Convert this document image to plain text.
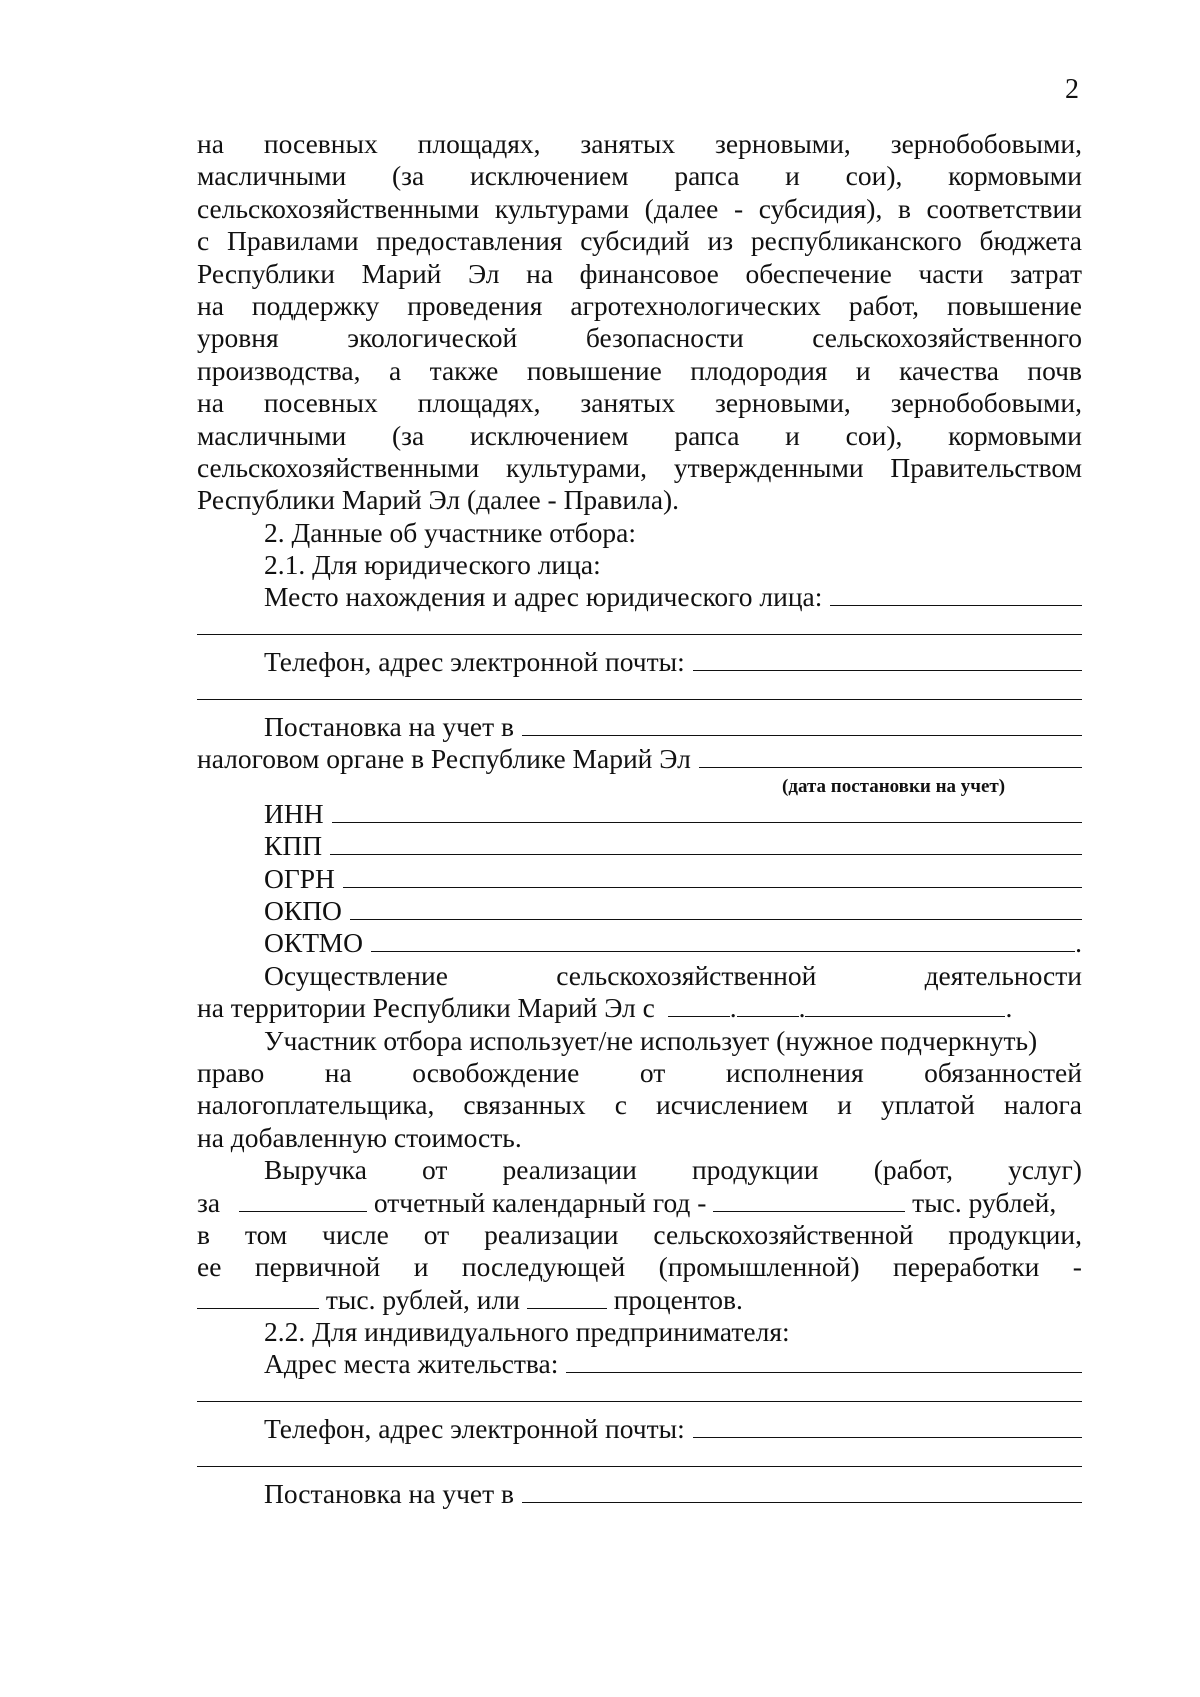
2
на посевных площадях, занятых зерновыми, зернобобовыми,
масличными (за исключением рапса и сои), кормовыми
сельскохозяйственными культурами (далее - субсидия), в соответствии
с Правилами предоставления субсидий из республиканского бюджета
Республики Марий Эл на финансовое обеспечение части затрат
на поддержку проведения агротехнологических работ, повышение
уровня экологической безопасности сельскохозяйственного
производства, а также повышение плодородия и качества почв
на посевных площадях, занятых зерновыми, зернобобовыми,
масличными (за исключением рапса и сои), кормовыми
сельскохозяйственными культурами, утвержденными Правительством
Республики Марий Эл (далее - Правила).
2. Данные об участнике отбора:
2.1. Для юридического лица:
Место нахождения и адрес юридического лица:
Телефон, адрес электронной почты:
Постановка на учет в
налоговом органе в Республике Марий Эл
(дата постановки на учет)
ИНН
КПП
ОГРН
ОКПО
ОКТМО	.
Осуществление	сельскохозяйственной	деятельности
на территории Республики Марий Эл с	. .	.
Участник отбора использует/не использует (нужное подчеркнуть)
право на освобождение от исполнения обязанностей
налогоплательщика, связанных с исчислением и уплатой налога
на добавленную стоимость.
Выручка от реализации продукции (работ, услуг)
за	отчетный календарный год -	тыс. рублей,
в том числе от реализации сельскохозяйственной продукции,
ее первичной и последующей (промышленной) переработки -
тыс. рублей, или	процентов.
2.2. Для индивидуального предпринимателя:
Адрес места жительства:
Телефон, адрес электронной почты:
Постановка на учет в
